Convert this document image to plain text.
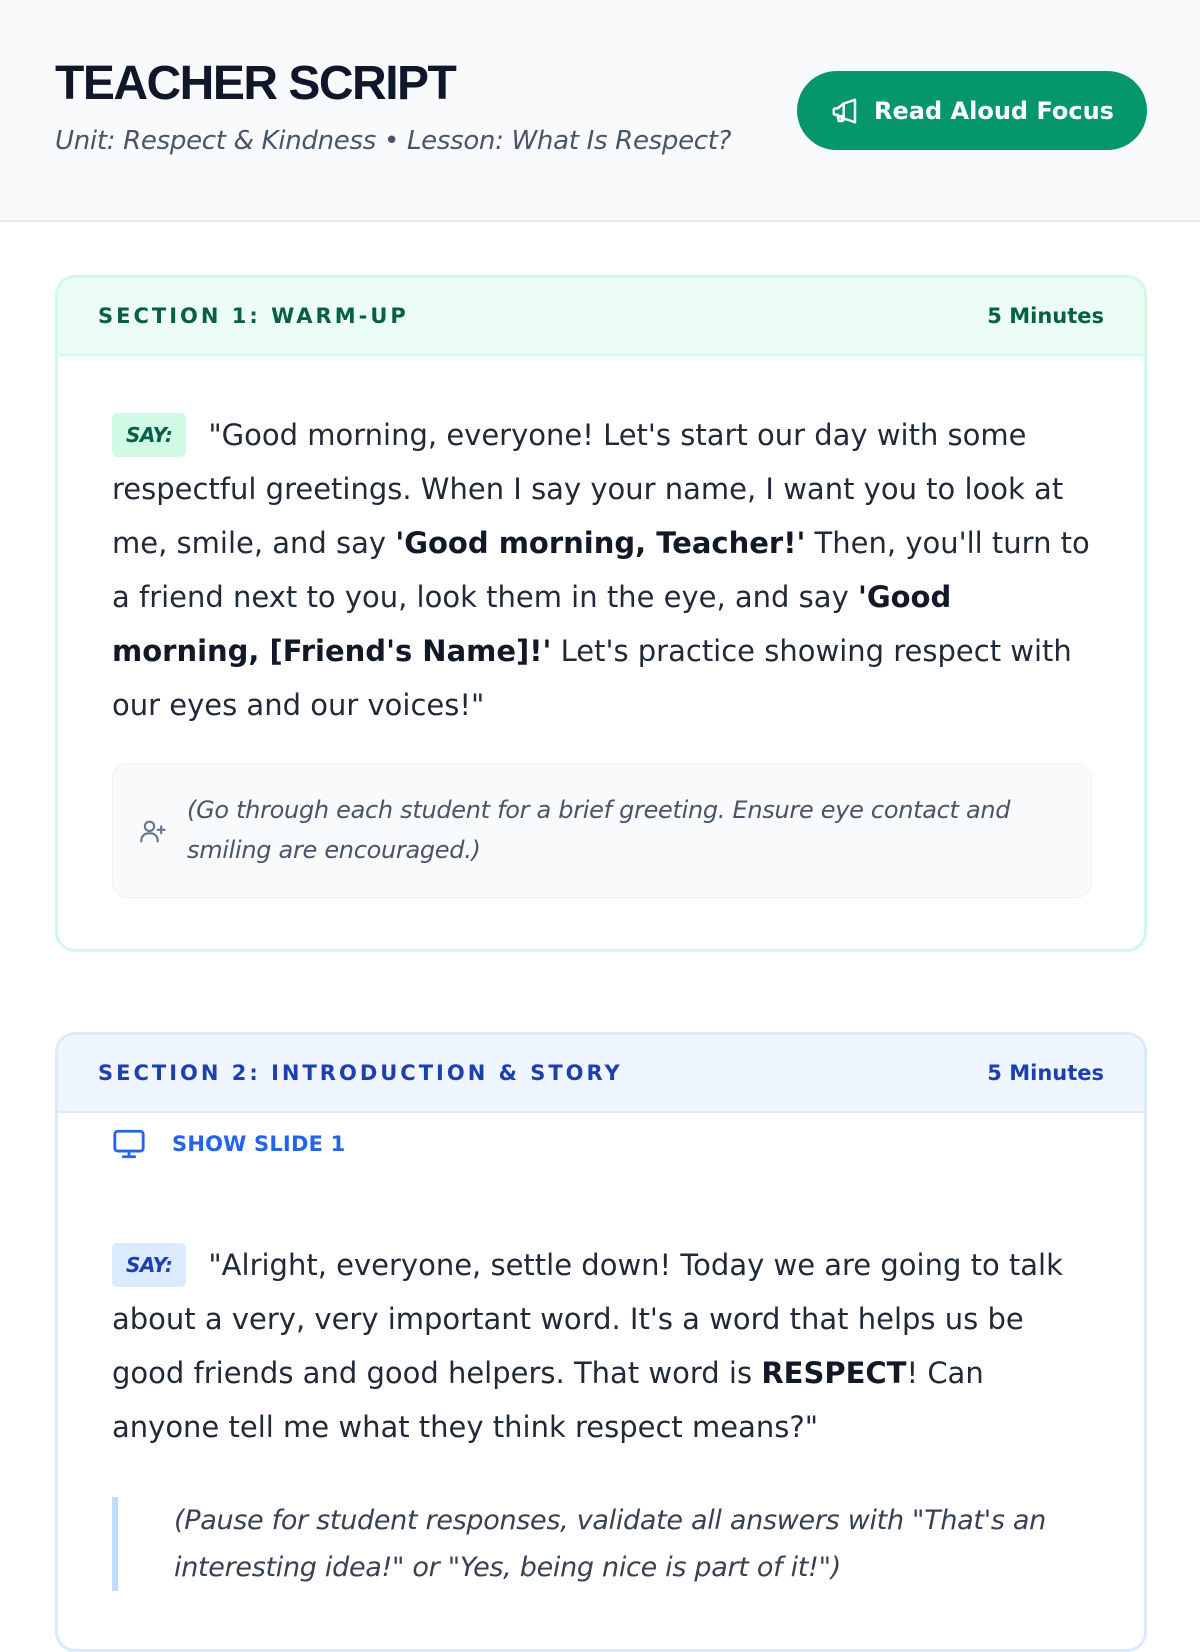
TEACHER SCRIPT
Unit: Respect & Kindness • Lesson: What Is Respect?
Read Aloud Focus
SECTION 1: WARM-UP	5 Minutes

SAY: "Good morning, everyone! Let's start our day with some respectful greetings. When I say your name, I want you to look at me, smile, and say 'Good morning, Teacher!' Then, you'll turn to a friend next to you, look them in the eye, and say 'Good morning, [Friend's Name]!' Let's practice showing respect with our eyes and our voices!"

(Go through each student for a brief greeting. Ensure eye contact and smiling are encouraged.)
SECTION 2: INTRODUCTION & STORY	5 Minutes
SHOW SLIDE 1

SAY: "Alright, everyone, settle down! Today we are going to talk about a very, very important word. It's a word that helps us be good friends and good helpers. That word is RESPECT! Can anyone tell me what they think respect means?"

(Pause for student responses, validate all answers with "That's an interesting idea!" or "Yes, being nice is part of it!")
